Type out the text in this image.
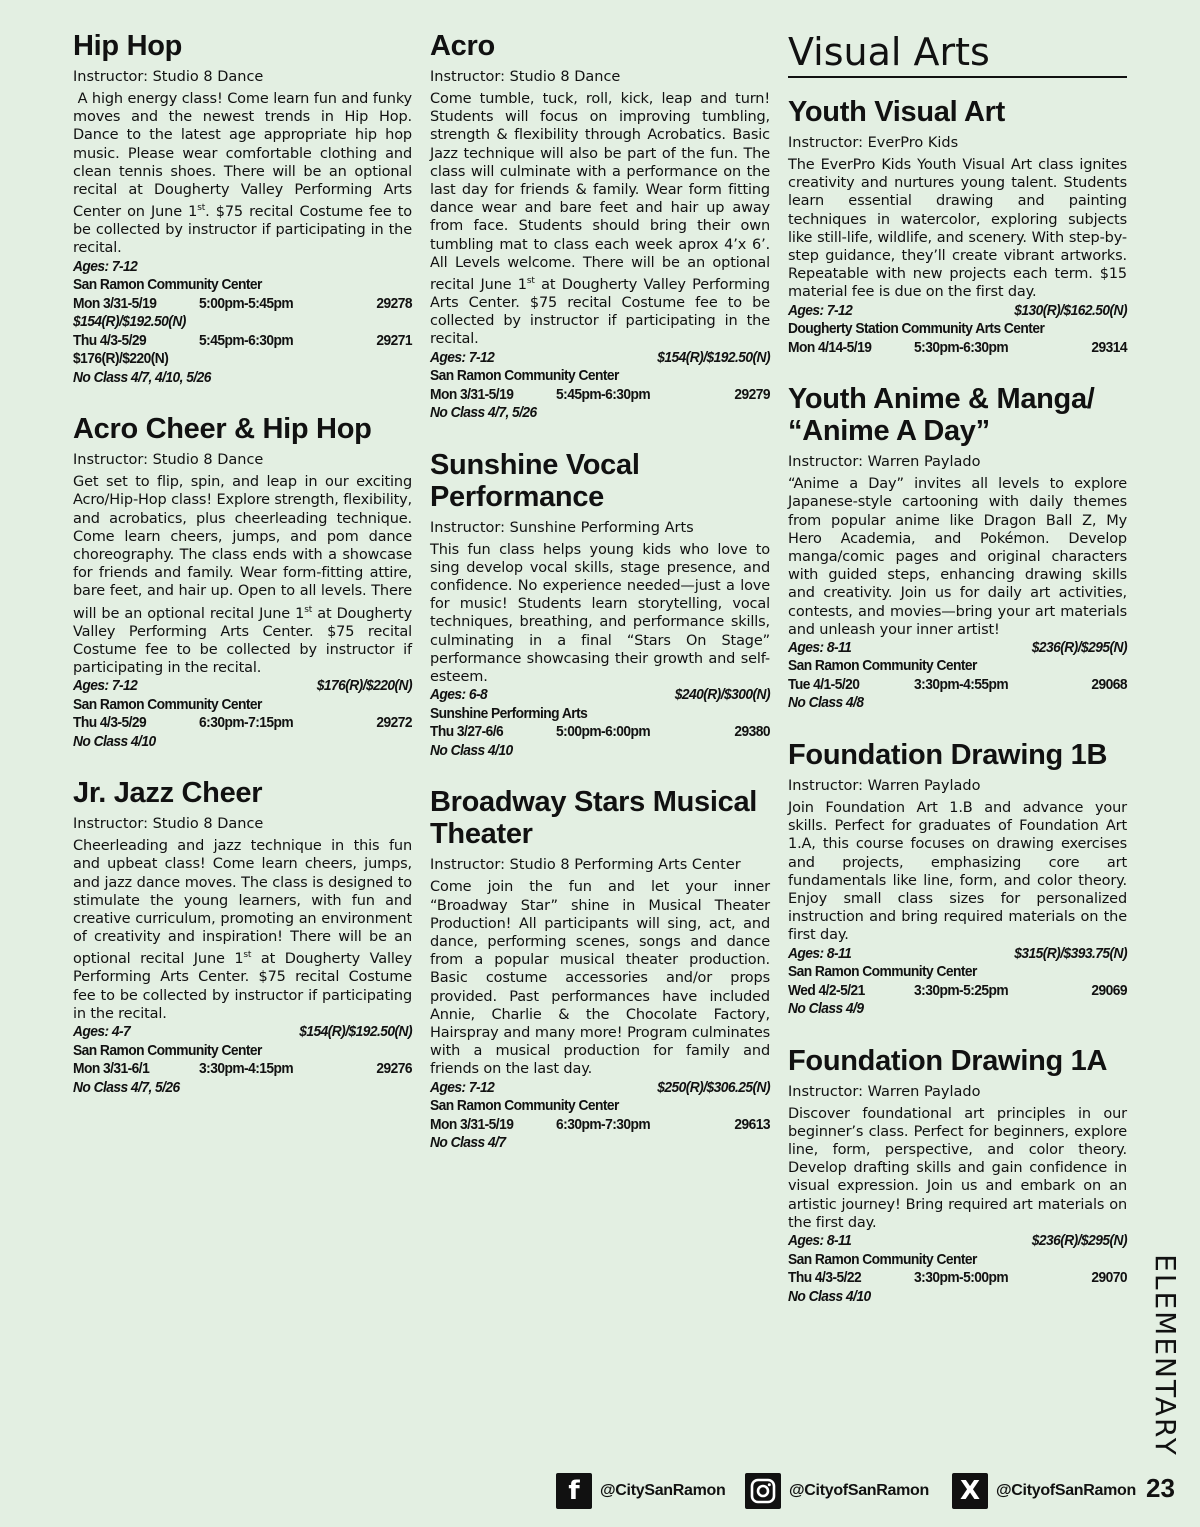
Hip Hop

Instructor: Studio 8 Dance

A high energy class! Come learn fun and funky moves and the newest trends in Hip Hop. Dance to the latest age appropriate hip hop music. Please wear comfortable clothing and clean tennis shoes. There will be an optional recital at Dougherty Valley Performing Arts Center on June 1st. $75 recital Costume fee to be collected by instructor if participating in the recital.

Ages: 7-12
San Ramon Community Center
Mon 3/31-5/19	5:00pm-5:45pm	29278
$154(R)/$192.50(N)
Thu 4/3-5/29	5:45pm-6:30pm	29271
$176(R)/$220(N)
No Class 4/7, 4/10, 5/26
Acro Cheer & Hip Hop

Instructor: Studio 8 Dance

Get set to flip, spin, and leap in our exciting Acro/Hip-Hop class! Explore strength, flexibility, and acrobatics, plus cheerleading technique. Come learn cheers, jumps, and pom dance choreography. The class ends with a showcase for friends and family. Wear form-fitting attire, bare feet, and hair up. Open to all levels. There will be an optional recital June 1st at Dougherty Valley Performing Arts Center. $75 recital Costume fee to be collected by instructor if participating in the recital.

Ages: 7-12	$176(R)/$220(N)
San Ramon Community Center
Thu 4/3-5/29	6:30pm-7:15pm	29272
No Class 4/10
Jr. Jazz Cheer

Instructor: Studio 8 Dance

Cheerleading and jazz technique in this fun and upbeat class! Come learn cheers, jumps, and jazz dance moves. The class is designed to stimulate the young learners, with fun and creative curriculum, promoting an environment of creativity and inspiration! There will be an optional recital June 1st at Dougherty Valley Performing Arts Center. $75 recital Costume fee to be collected by instructor if participating in the recital.

Ages: 4-7	$154(R)/$192.50(N)
San Ramon Community Center
Mon 3/31-6/1	3:30pm-4:15pm	29276
No Class 4/7, 5/26
Acro

Instructor: Studio 8 Dance

Come tumble, tuck, roll, kick, leap and turn! Students will focus on improving tumbling, strength & flexibility through Acrobatics. Basic Jazz technique will also be part of the fun. The class will culminate with a performance on the last day for friends & family. Wear form fitting dance wear and bare feet and hair up away from face. Students should bring their own tumbling mat to class each week aprox 4’x 6’. All Levels welcome. There will be an optional recital June 1st at Dougherty Valley Performing Arts Center. $75 recital Costume fee to be collected by instructor if participating in the recital.

Ages: 7-12	$154(R)/$192.50(N)
San Ramon Community Center
Mon 3/31-5/19	5:45pm-6:30pm	29279
No Class 4/7, 5/26
Sunshine Vocal Performance

Instructor: Sunshine Performing Arts

This fun class helps young kids who love to sing develop vocal skills, stage presence, and confidence. No experience needed—just a love for music! Students learn storytelling, vocal techniques, breathing, and performance skills, culminating in a final “Stars On Stage” performance showcasing their growth and self-esteem.

Ages: 6-8	$240(R)/$300(N)
Sunshine Performing Arts
Thu 3/27-6/6	5:00pm-6:00pm	29380
No Class 4/10
Broadway Stars Musical Theater

Instructor: Studio 8 Performing Arts Center

Come join the fun and let your inner “Broadway Star” shine in Musical Theater Production! All participants will sing, act, and dance, performing scenes, songs and dance from a popular musical theater production. Basic costume accessories and/or props provided. Past performances have included Annie, Charlie & the Chocolate Factory, Hairspray and many more! Program culminates with a musical production for family and friends on the last day.

Ages: 7-12	$250(R)/$306.25(N)
San Ramon Community Center
Mon 3/31-5/19	6:30pm-7:30pm	29613
No Class 4/7
Visual Arts
Youth Visual Art

Instructor: EverPro Kids

The EverPro Kids Youth Visual Art class ignites creativity and nurtures young talent. Students learn essential drawing and painting techniques in watercolor, exploring subjects like still-life, wildlife, and scenery. With step-by-step guidance, they’ll create vibrant artworks. Repeatable with new projects each term. $15 material fee is due on the first day.

Ages: 7-12	$130(R)/$162.50(N)
Dougherty Station Community Arts Center
Mon 4/14-5/19	5:30pm-6:30pm	29314
Youth Anime & Manga/ “Anime A Day”

Instructor: Warren Paylado

“Anime a Day” invites all levels to explore Japanese-style cartooning with daily themes from popular anime like Dragon Ball Z, My Hero Academia, and Pokémon. Develop manga/comic pages and original characters with guided steps, enhancing drawing skills and creativity. Join us for daily art activities, contests, and movies—bring your art materials and unleash your inner artist!

Ages: 8-11	$236(R)/$295(N)
San Ramon Community Center
Tue 4/1-5/20	3:30pm-4:55pm	29068
No Class 4/8
Foundation Drawing 1B

Instructor: Warren Paylado

Join Foundation Art 1.B and advance your skills. Perfect for graduates of Foundation Art 1.A, this course focuses on drawing exercises and projects, emphasizing core art fundamentals like line, form, and color theory. Enjoy small class sizes for personalized instruction and bring required materials on the first day.

Ages: 8-11	$315(R)/$393.75(N)
San Ramon Community Center
Wed 4/2-5/21	3:30pm-5:25pm	29069
No Class 4/9
Foundation Drawing 1A

Instructor: Warren Paylado

Discover foundational art principles in our beginner’s class. Perfect for beginners, explore line, form, perspective, and color theory. Develop drafting skills and gain confidence in visual expression. Join us and embark on an artistic journey! Bring required art materials on the first day.

Ages: 8-11	$236(R)/$295(N)
San Ramon Community Center
Thu 4/3-5/22	3:30pm-5:00pm	29070
No Class 4/10	ELEMENTARY
f	@CitySanRamon	@CityofSanRamon	X @CityofSanRamon 23
